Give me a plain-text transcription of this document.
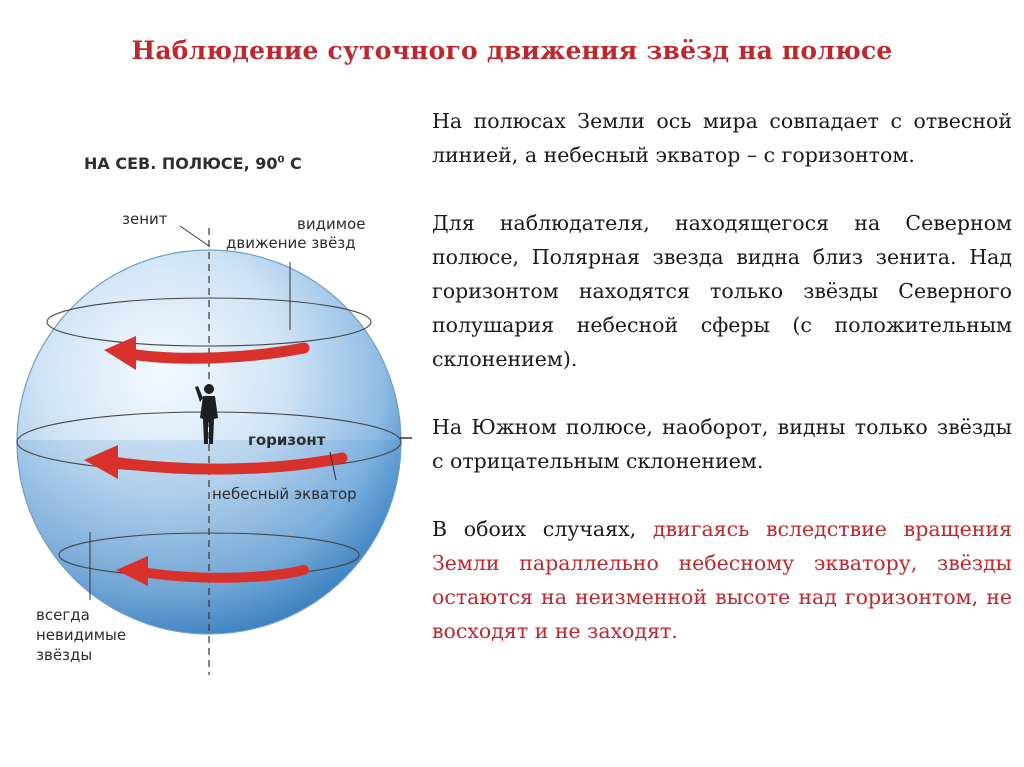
Наблюдение суточного движения звёзд на полюсе
НА СЕВ. ПОЛЮСЕ, $90^0$ С
зенит	видимое
движение звёзд
горизонт
небесный экватор
всегда
невидимые
звёзды

На полюсах Земли ось мира совпадает с отвесной линией, а небесный экватор – с горизонтом.

Для наблюдателя, находящегося на Северном полюсе, Полярная звезда видна близ зенита. Над горизонтом находятся только звёзды Северного полушария небесной сферы (с положительным склонением).

На Южном полюсе, наоборот, видны только звёзды с отрицательным склонением.

В обоих случаях, двигаясь вследствие вращения Земли параллельно небесному экватору, звёзды остаются на неизменной высоте над горизонтом, не восходят и не заходят.
